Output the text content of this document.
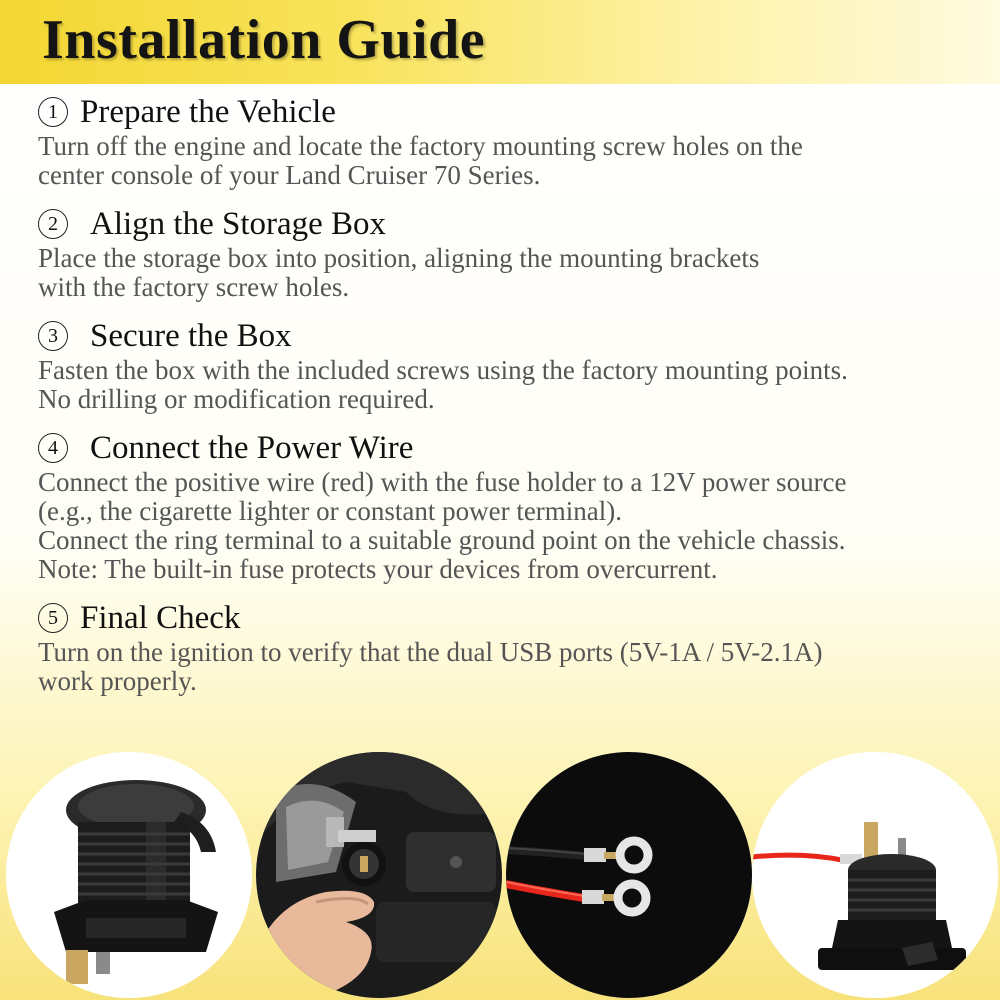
Installation Guide
1 Prepare the Vehicle
Turn off the engine and locate the factory mounting screw holes on the
center console of your Land Cruiser 70 Series.
2 Align the Storage Box
Place the storage box into position, aligning the mounting brackets
with the factory screw holes.
3 Secure the Box
Fasten the box with the included screws using the factory mounting points.
No drilling or modification required.
4 Connect the Power Wire
Connect the positive wire (red) with the fuse holder to a 12V power source
(e.g., the cigarette lighter or constant power terminal).
Connect the ring terminal to a suitable ground point on the vehicle chassis.
Note: The built-in fuse protects your devices from overcurrent.
5 Final Check
Turn on the ignition to verify that the dual USB ports (5V-1A / 5V-2.1A)
work properly.
